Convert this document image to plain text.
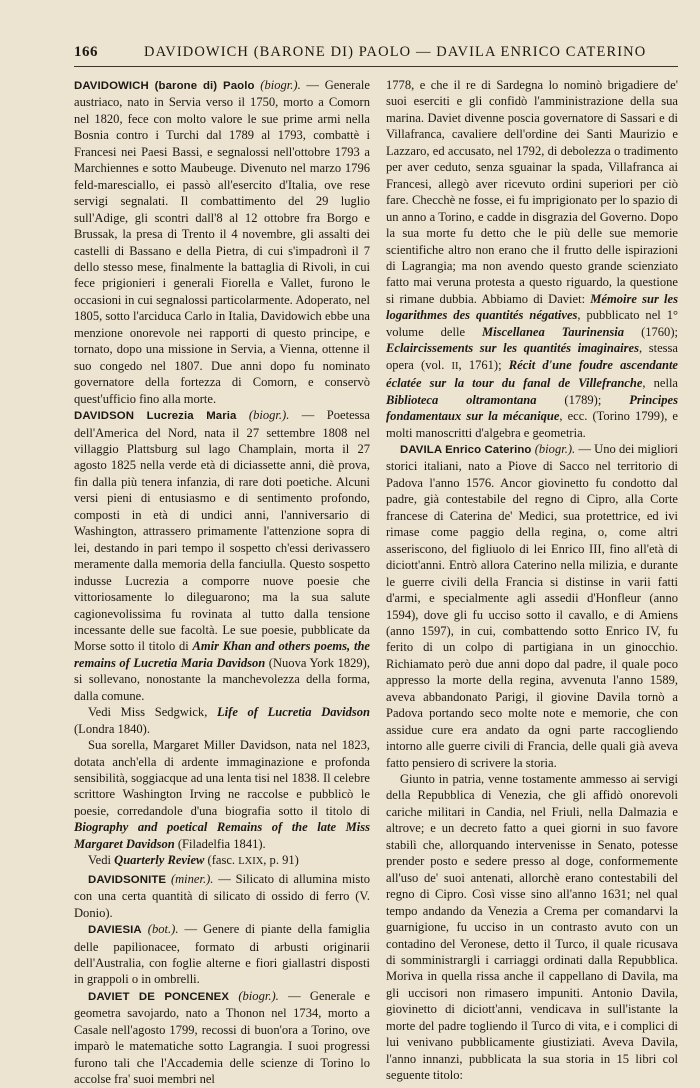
166	DAVIDOWICH (BARONE DI) PAOLO — DAVILA ENRICO CATERINO

DAVIDOWICH (barone di) Paolo (biogr.). — Generale austriaco, nato in Servia verso il 1750, morto a Comorn nel 1820, fece con molto valore le sue prime armi nella Bosnia contro i Turchi dal 1789 al 1793, combattè i Francesi nei Paesi Bassi, e segnalossi nell'ottobre 1793 a Marchiennes e sotto Maubeuge. Divenuto nel marzo 1796 feld-maresciallo, ei passò all'esercito d'Italia, ove rese servigi segnalati. Il combattimento del 29 luglio sull'Adige, gli scontri dall'8 al 12 ottobre fra Borgo e Brussak, la presa di Trento il 4 novembre, gli assalti dei castelli di Bassano e della Pietra, di cui s'impadronì il 7 dello stesso mese, finalmente la battaglia di Rivoli, in cui fece prigionieri i generali Fiorella e Vallet, furono le occasioni in cui segnalossi particolarmente. Adoperato, nel 1805, sotto l'arciduca Carlo in Italia, Davidowich ebbe una menzione onorevole nei rapporti di questo principe, e tornato, dopo una missione in Servia, a Vienna, ottenne il suo congedo nel 1807. Due anni dopo fu nominato governatore della fortezza di Comorn, e conservò quest'ufficio fino alla morte.

DAVIDSON Lucrezia Maria (biogr.). — Poetessa dell'America del Nord, nata il 27 settembre 1808 nel villaggio Plattsburg sul lago Champlain, morta il 27 agosto 1825 nella verde età di diciassette anni, diè prova, fin dalla più tenera infanzia, di rare doti poetiche. Alcuni versi pieni di entusiasmo e di sentimento profondo, composti in età di undici anni, l'anniversario di Washington, attrassero primamente l'attenzione sopra di lei, destando in pari tempo il sospetto ch'essi derivassero meramente dalla memoria della fanciulla. Questo sospetto indusse Lucrezia a comporre nuove poesie che vittoriosamente lo dileguarono; ma la sua salute cagionevolissima fu rovinata al tutto dalla tensione incessante delle sue facoltà. Le sue poesie, pubblicate da Morse sotto il titolo di Amir Khan and others poems, the remains of Lucretia Maria Davidson (Nuova York 1829), si sollevano, nonostante la manchevolezza della forma, dalla comune.

Vedi Miss Sedgwick, Life of Lucretia Davidson (Londra 1840).

Sua sorella, Margaret Miller Davidson, nata nel 1823, dotata anch'ella di ardente immaginazione e profonda sensibilità, soggiacque ad una lenta tisi nel 1838. Il celebre scrittore Washington Irving ne raccolse e pubblicò le poesie, corredandole d'una biografia sotto il titolo di Biography and poetical Remains of the late Miss Margaret Davidson (Filadelfia 1841).

Vedi Quarterly Review (fasc. LXIX, p. 91)

DAVIDSONITE (miner.). — Silicato di allumina misto con una certa quantità di silicato di ossido di ferro (V. Donio).

DAVIESIA (bot.). — Genere di piante della famiglia delle papilionacee, formato di arbusti originarii dell'Australia, con foglie alterne e fiori giallastri disposti in grappoli o in ombrelli.

DAVIET DE PONCENEX (biogr.). — Generale e geometra savojardo, nato a Thonon nel 1734, morto a Casale nell'agosto 1799, recossi di buon'ora a Torino, ove imparò le matematiche sotto Lagrangia. I suoi progressi furono tali che l'Accademia delle scienze di Torino lo accolse fra' suoi membri nel

1778, e che il re di Sardegna lo nominò brigadiere de' suoi eserciti e gli confidò l'amministrazione della sua marina. Daviet divenne poscia governatore di Sassari e di Villafranca, cavaliere dell'ordine dei Santi Maurizio e Lazzaro, ed accusato, nel 1792, di debolezza o tradimento per aver ceduto, senza sguainar la spada, Villafranca ai Francesi, allegò aver ricevuto ordini superiori per ciò fare. Checchè ne fosse, ei fu imprigionato per lo spazio di un anno a Torino, e cadde in disgrazia del Governo. Dopo la sua morte fu detto che le più delle sue memorie scientifiche altro non erano che il frutto delle ispirazioni di Lagrangia; ma non avendo questo grande scienziato fatto mai veruna protesta a questo riguardo, la questione si rimane dubbia. Abbiamo di Daviet: Mémoire sur les logarithmes des quantités négatives, pubblicato nel 1° volume delle Miscellanea Taurinensia (1760); Eclaircissements sur les quantités imaginaires, stessa opera (vol. II, 1761); Récit d'une foudre ascendante éclatée sur la tour du fanal de Villefranche, nella Biblioteca oltramontana (1789); Principes fondamentaux sur la mécanique, ecc. (Torino 1799), e molti manoscritti d'algebra e geometria.

DAVILA Enrico Caterino (biogr.). — Uno dei migliori storici italiani, nato a Piove di Sacco nel territorio di Padova l'anno 1576. Ancor giovinetto fu condotto dal padre, già contestabile del regno di Cipro, alla Corte francese di Caterina de' Medici, sua protettrice, ed ivi rimase come paggio della regina, o, come altri asseriscono, del figliuolo di lei Enrico III, fino all'età di diciott'anni. Entrò allora Caterino nella milizia, e durante le guerre civili della Francia si distinse in varii fatti d'armi, e specialmente agli assedii d'Honfleur (anno 1594), dove gli fu ucciso sotto il cavallo, e di Amiens (anno 1597), in cui, combattendo sotto Enrico IV, fu ferito di un colpo di partigiana in un ginocchio. Richiamato però due anni dopo dal padre, il quale poco appresso la morte della regina, avvenuta l'anno 1589, aveva abbandonato Parigi, il giovine Davila tornò a Padova portando seco molte note e memorie, che con assidue cure era andato da ogni parte raccogliendo intorno alle guerre civili di Francia, delle quali già aveva fatto pensiero di scrivere la storia.

Giunto in patria, venne tostamente ammesso ai servigi della Repubblica di Venezia, che gli affidò onorevoli cariche militari in Candia, nel Friuli, nella Dalmazia e altrove; e un decreto fatto a quei giorni in suo favore stabilì che, allorquando intervenisse in Senato, potesse prender posto e sedere presso al doge, conformemente all'uso de' suoi antenati, allorchè erano contestabili del regno di Cipro. Così visse sino all'anno 1631; nel qual tempo andando da Venezia a Crema per comandarvi la guarnigione, fu ucciso in un contrasto avuto con un contadino del Veronese, detto il Turco, il quale ricusava di somministrargli i carriaggi ordinati dalla Repubblica. Moriva in quella rissa anche il cappellano di Davila, ma gli uccisori non rimasero impuniti. Antonio Davila, giovinetto di diciott'anni, vendicava in sull'istante la morte del padre togliendo il Turco di vita, e i complici di lui venivano pubblicamente giustiziati. Aveva Davila, l'anno innanzi, pubblicata la sua storia in 15 libri col seguente titolo:
